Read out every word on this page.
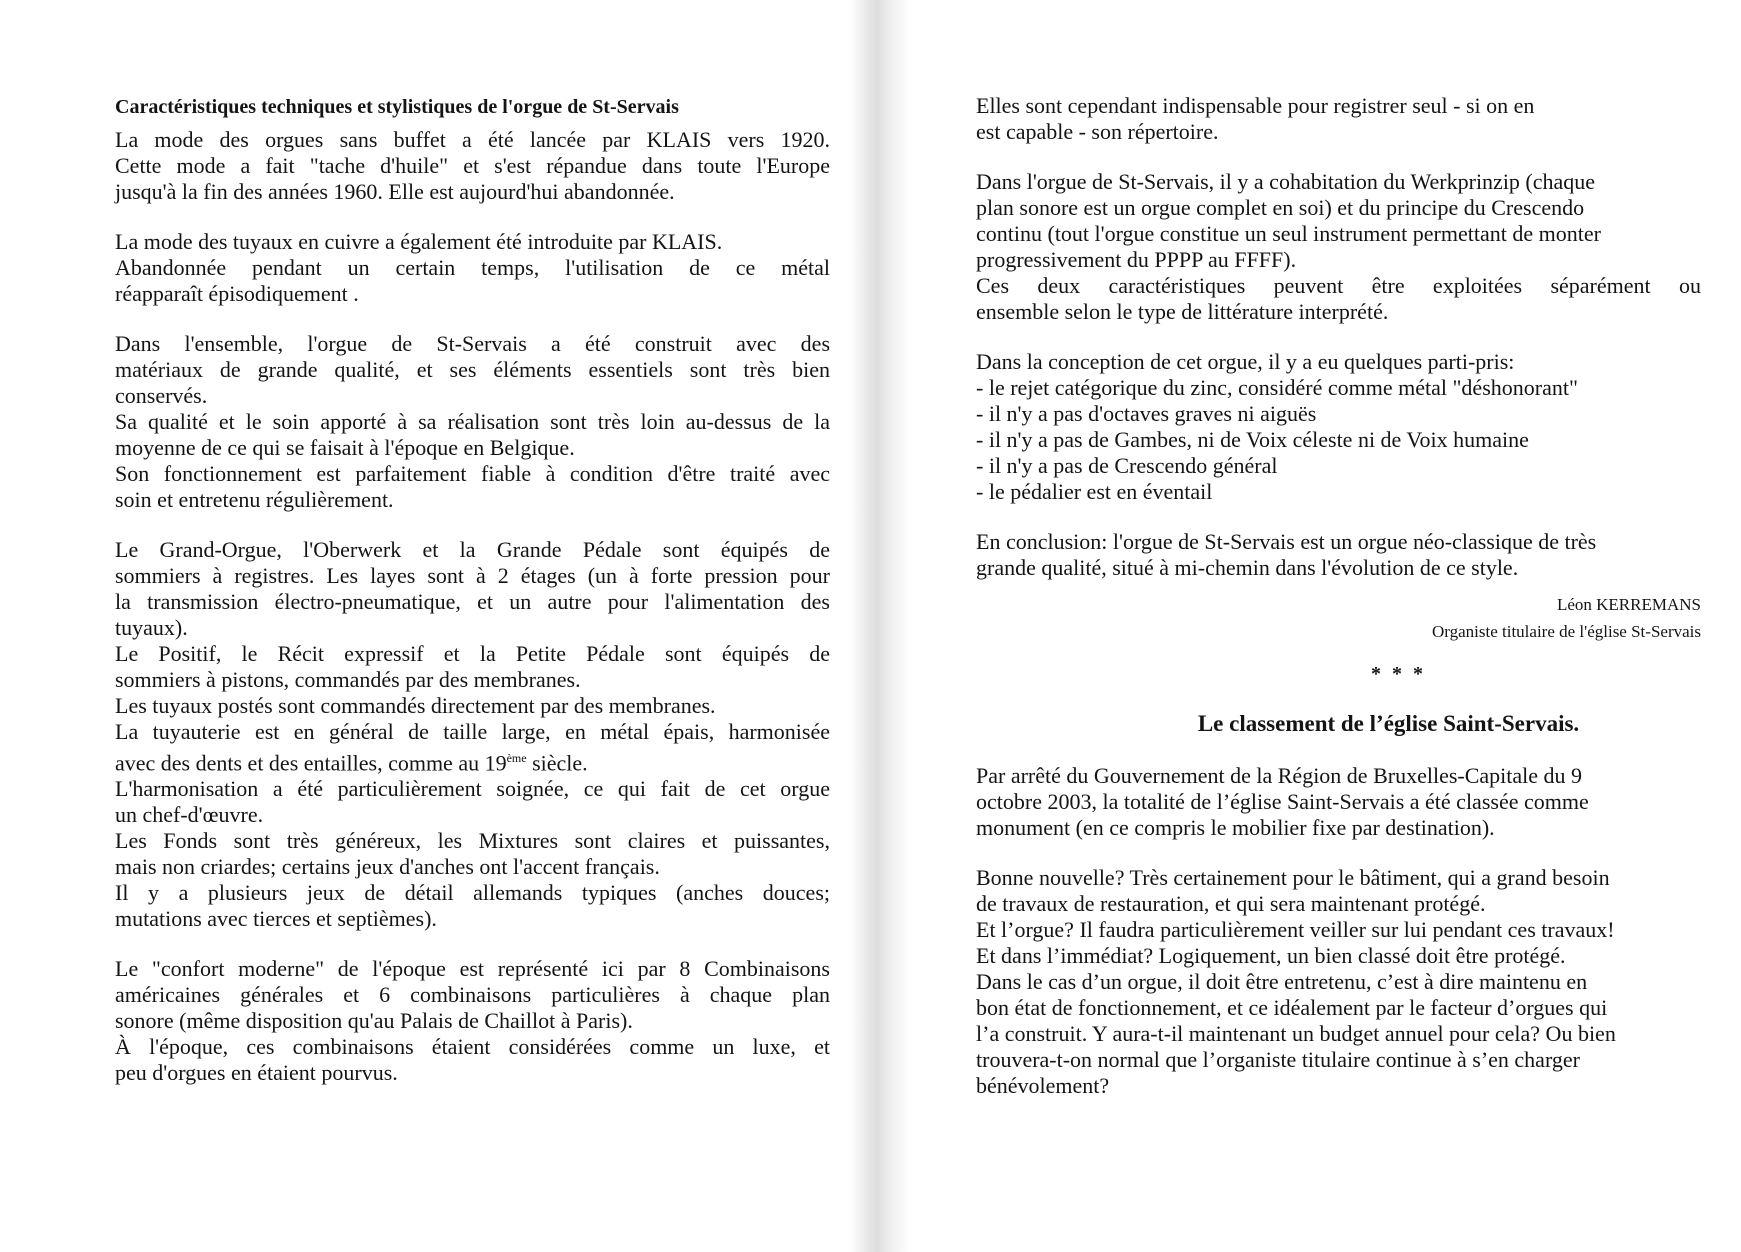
Caractéristiques techniques et stylistiques de l'orgue de St-Servais

La mode des orgues sans buffet a été lancée par KLAIS vers 1920.
Cette mode a fait "tache d'huile" et s'est répandue dans toute l'Europe
jusqu'à la fin des années 1960. Elle est aujourd'hui abandonnée.

La mode des tuyaux en cuivre a également été introduite par KLAIS.
Abandonnée pendant un certain temps, l'utilisation de ce métal
réapparaît épisodiquement .

Dans l'ensemble, l'orgue de St-Servais a été construit avec des
matériaux de grande qualité, et ses éléments essentiels sont très bien
conservés.
Sa qualité et le soin apporté à sa réalisation sont très loin au-dessus de la
moyenne de ce qui se faisait à l'époque en Belgique.
Son fonctionnement est parfaitement fiable à condition d'être traité avec
soin et entretenu régulièrement.

Le Grand-Orgue, l'Oberwerk et la Grande Pédale sont équipés de
sommiers à registres. Les layes sont à 2 étages (un à forte pression pour
la transmission électro-pneumatique, et un autre pour l'alimentation des
tuyaux).
Le Positif, le Récit expressif et la Petite Pédale sont équipés de
sommiers à pistons, commandés par des membranes.
Les tuyaux postés sont commandés directement par des membranes.
La tuyauterie est en général de taille large, en métal épais, harmonisée
avec des dents et des entailles, comme au 19ème siècle.
L'harmonisation a été particulièrement soignée, ce qui fait de cet orgue
un chef-d'œuvre.
Les Fonds sont très généreux, les Mixtures sont claires et puissantes,
mais non criardes; certains jeux d'anches ont l'accent français.
Il y a plusieurs jeux de détail allemands typiques (anches douces;
mutations avec tierces et septièmes).

Le "confort moderne" de l'époque est représenté ici par 8 Combinaisons
américaines générales et 6 combinaisons particulières à chaque plan
sonore (même disposition qu'au Palais de Chaillot à Paris).
À l'époque, ces combinaisons étaient considérées comme un luxe, et
peu d'orgues en étaient pourvus.

Elles sont cependant indispensable pour registrer seul - si on en
est capable - son répertoire.

Dans l'orgue de St-Servais, il y a cohabitation du Werkprinzip (chaque
plan sonore est un orgue complet en soi) et du principe du Crescendo
continu (tout l'orgue constitue un seul instrument permettant de monter
progressivement du PPPP au FFFF).
Ces deux caractéristiques peuvent être exploitées séparément ou
ensemble selon le type de littérature interprété.

Dans la conception de cet orgue, il y a eu quelques parti-pris:
- le rejet catégorique du zinc, considéré comme métal "déshonorant"
- il n'y a pas d'octaves graves ni aiguës
- il n'y a pas de Gambes, ni de Voix céleste ni de Voix humaine
- il n'y a pas de Crescendo général
- le pédalier est en éventail

En conclusion: l'orgue de St-Servais est un orgue néo-classique de très
grande qualité, situé à mi-chemin dans l'évolution de ce style.

Léon KERREMANS
Organiste titulaire de l'église St-Servais
* * *
Le classement de l’église Saint-Servais.

Par arrêté du Gouvernement de la Région de Bruxelles-Capitale du 9
octobre 2003, la totalité de l’église Saint-Servais a été classée comme
monument (en ce compris le mobilier fixe par destination).

Bonne nouvelle? Très certainement pour le bâtiment, qui a grand besoin
de travaux de restauration, et qui sera maintenant protégé.
Et l’orgue? Il faudra particulièrement veiller sur lui pendant ces travaux!
Et dans l’immédiat? Logiquement, un bien classé doit être protégé.
Dans le cas d’un orgue, il doit être entretenu, c’est à dire maintenu en
bon état de fonctionnement, et ce idéalement par le facteur d’orgues qui
l’a construit. Y aura-t-il maintenant un budget annuel pour cela? Ou bien
trouvera-t-on normal que l’organiste titulaire continue à s’en charger
bénévolement?
